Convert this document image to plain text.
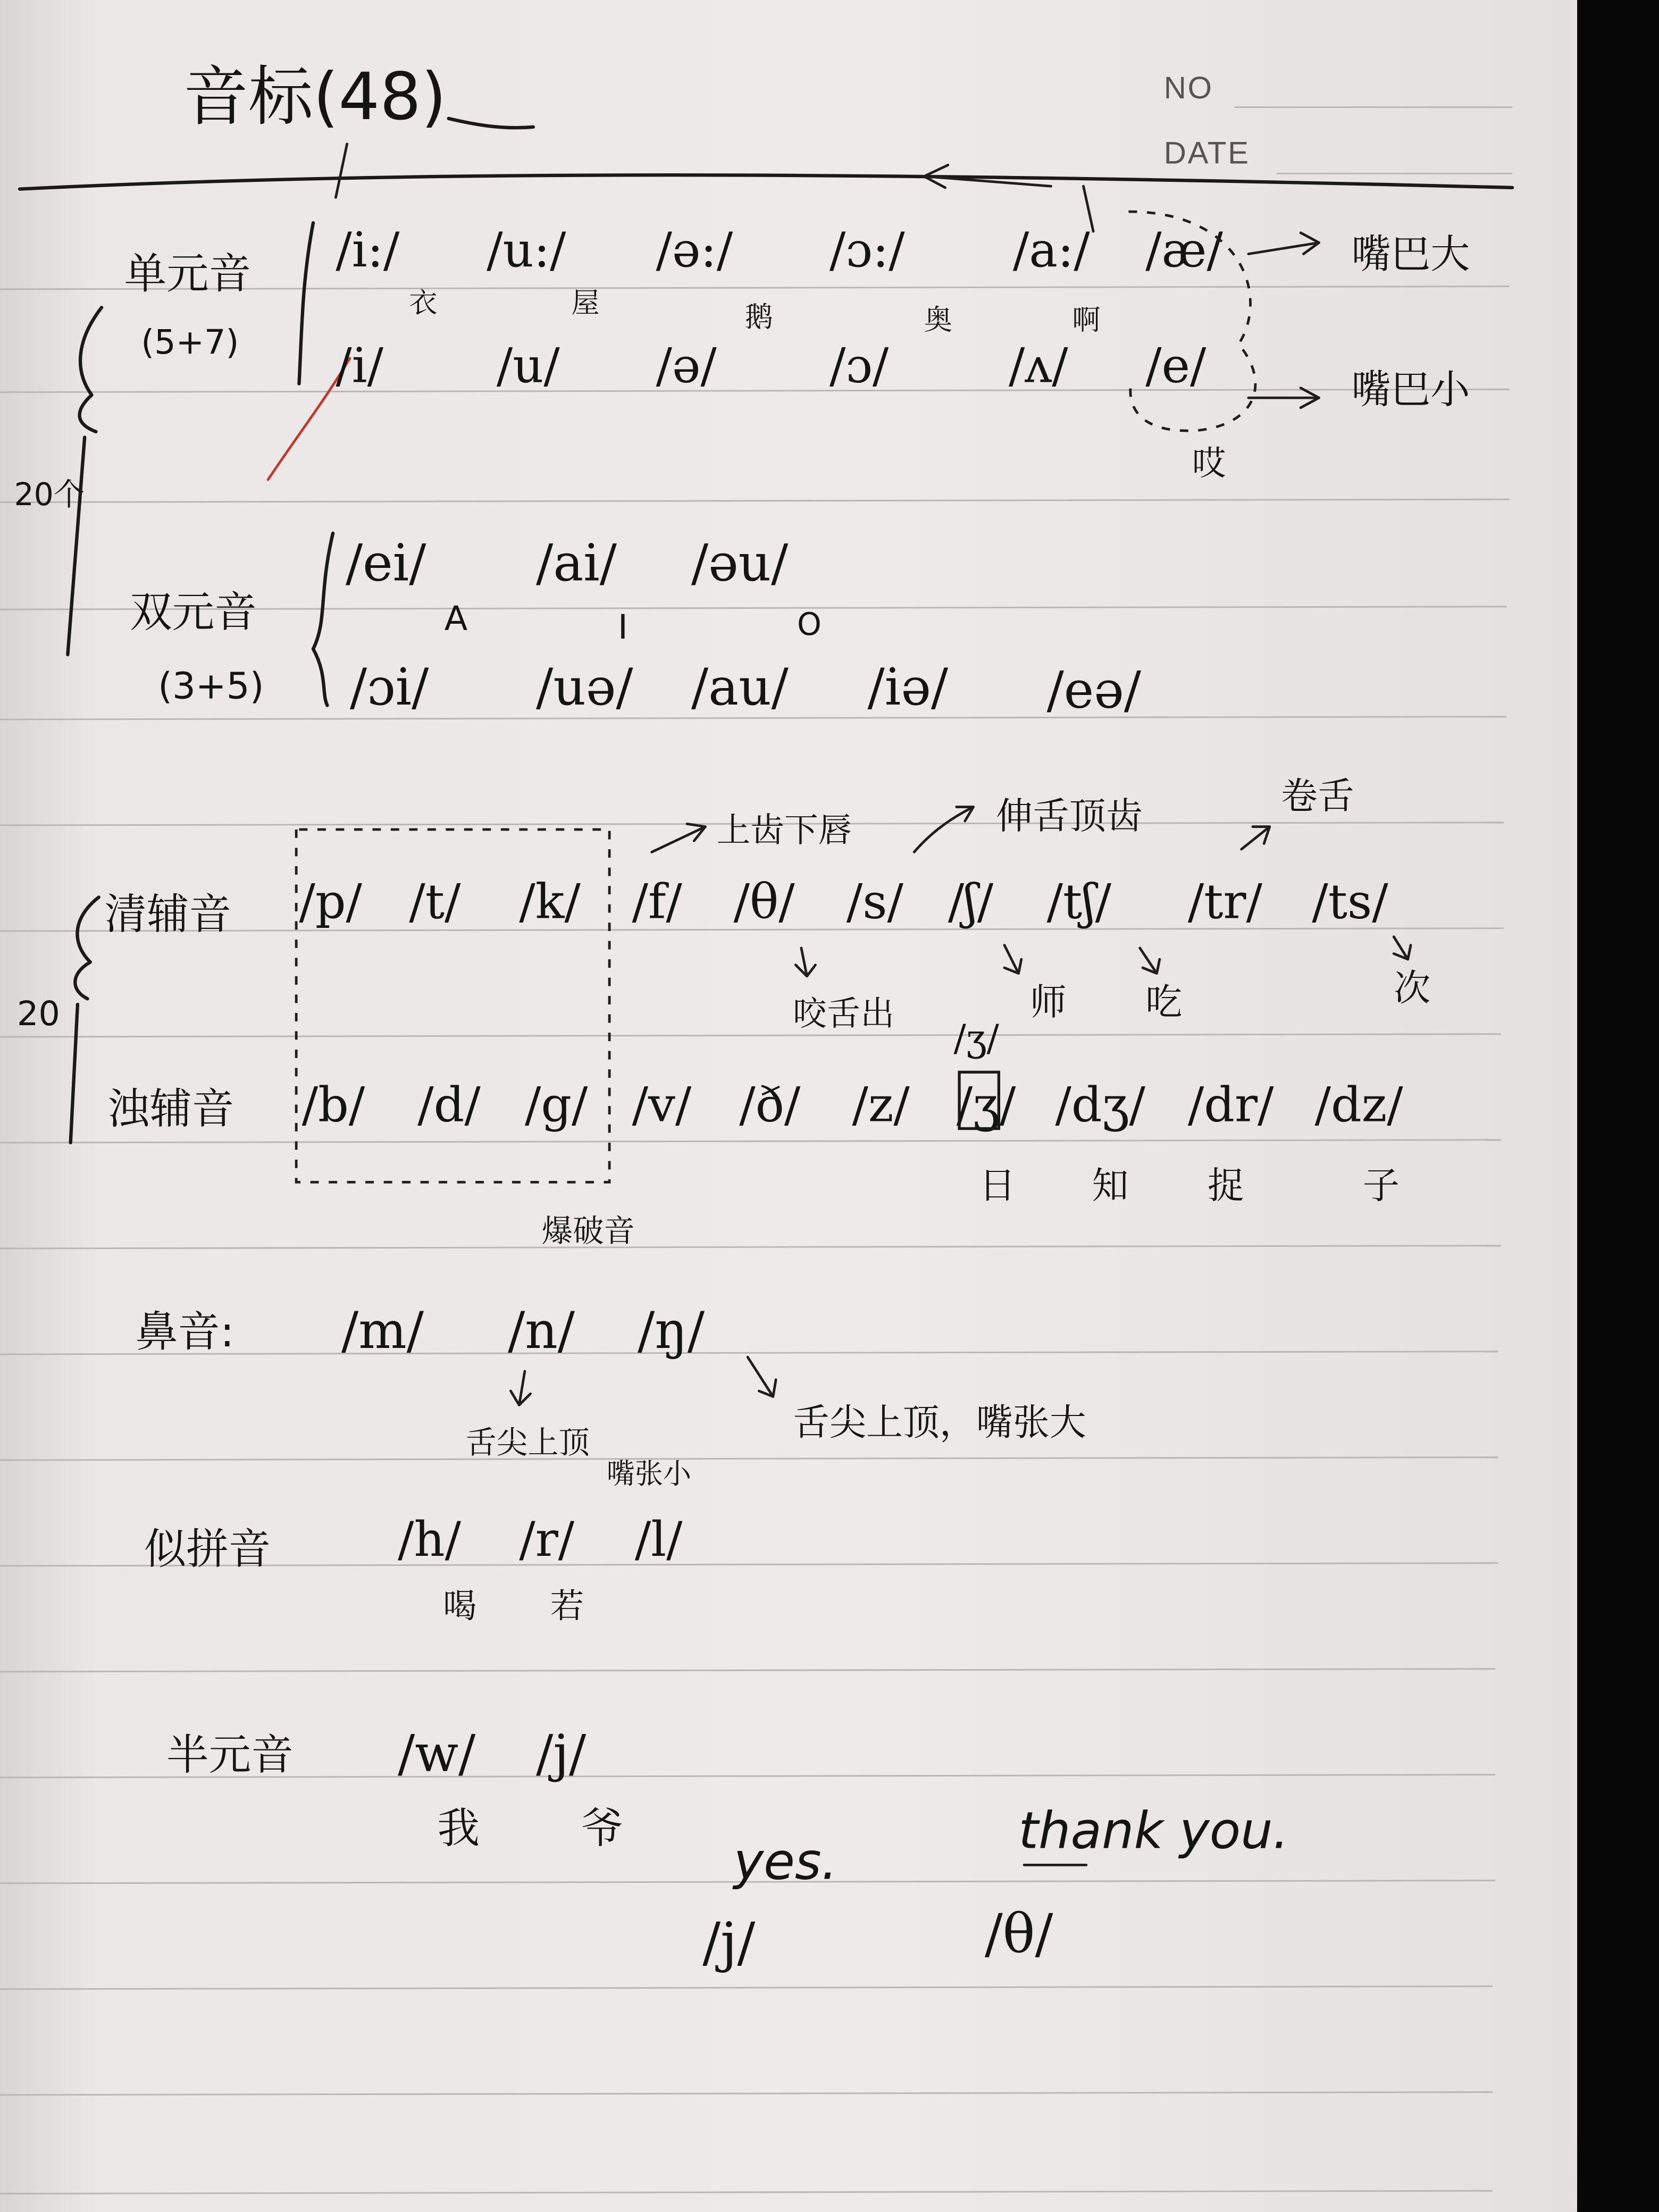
NO
DATE
音标(48)
20个
单元音
(5+7)
/i:/	/u:/	/ə:/	/ɔ:/	/a:/	/æ/
衣	屋	鹅	奥	啊
哎
/i/	/u/	/ə/	/ɔ/	/ʌ/	/e/
嘴巴大
嘴巴小
双元音
(3+5)
/ei/	/ai/	/əu/
A	I	O
/ɔi/	/uə/	/au/	/iə/	/eə/
20
清辅音	/p/	/t/	/k/	/f/	/θ/	/s/ /ʃ/	/tʃ/	/tr/	/ts/
上齿下唇	伸舌顶齿	卷舌
咬舌出	师	吃	次
浊辅音	/b/	/d/ /g/ /v/	/ð/	/z/	/ʒ/ /dʒ/ /dr/ /dz/
/ʒ/
日	知	捉	子
爆破音
鼻音:	/m/	/n/	/ŋ/
舌尖上顶
嘴张小
舌尖上顶，嘴张大
似拼音	/h/	/r/	/l/
喝	若
半元音	/w/	/j/
我	爷
yes.
/j/
thank you.
/θ/
